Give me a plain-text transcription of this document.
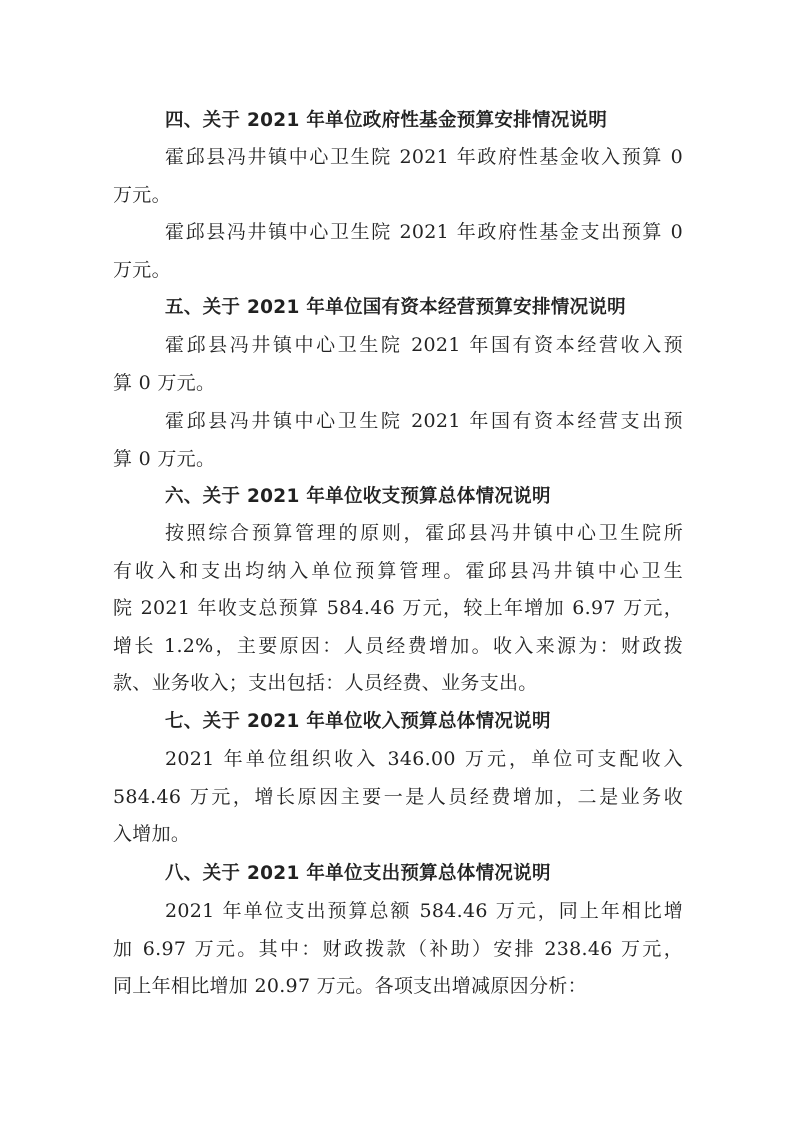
四、关于 2021 年单位政府性基金预算安排情况说明
霍邱县冯井镇中心卫生院 2021 年政府性基金收入预算 0
万元。
霍邱县冯井镇中心卫生院 2021 年政府性基金支出预算 0
万元。
五、关于 2021 年单位国有资本经营预算安排情况说明
霍邱县冯井镇中心卫生院 2021 年国有资本经营收入预
算 0 万元。
霍邱县冯井镇中心卫生院 2021 年国有资本经营支出预
算 0 万元。
六、关于 2021 年单位收支预算总体情况说明
按照综合预算管理的原则，霍邱县冯井镇中心卫生院所
有收入和支出均纳入单位预算管理。霍邱县冯井镇中心卫生
院 2021 年收支总预算 584.46 万元，较上年增加 6.97 万元，
增长 1.2%，主要原因：人员经费增加。收入来源为：财政拨
款、业务收入；支出包括：人员经费、业务支出。
七、关于 2021 年单位收入预算总体情况说明
2021 年单位组织收入 346.00 万元，单位可支配收入
584.46 万元，增长原因主要一是人员经费增加，二是业务收
入增加。
八、关于 2021 年单位支出预算总体情况说明
2021 年单位支出预算总额 584.46 万元，同上年相比增
加 6.97 万元。其中：财政拨款（补助）安排 238.46 万元，
同上年相比增加 20.97 万元。各项支出增减原因分析：
